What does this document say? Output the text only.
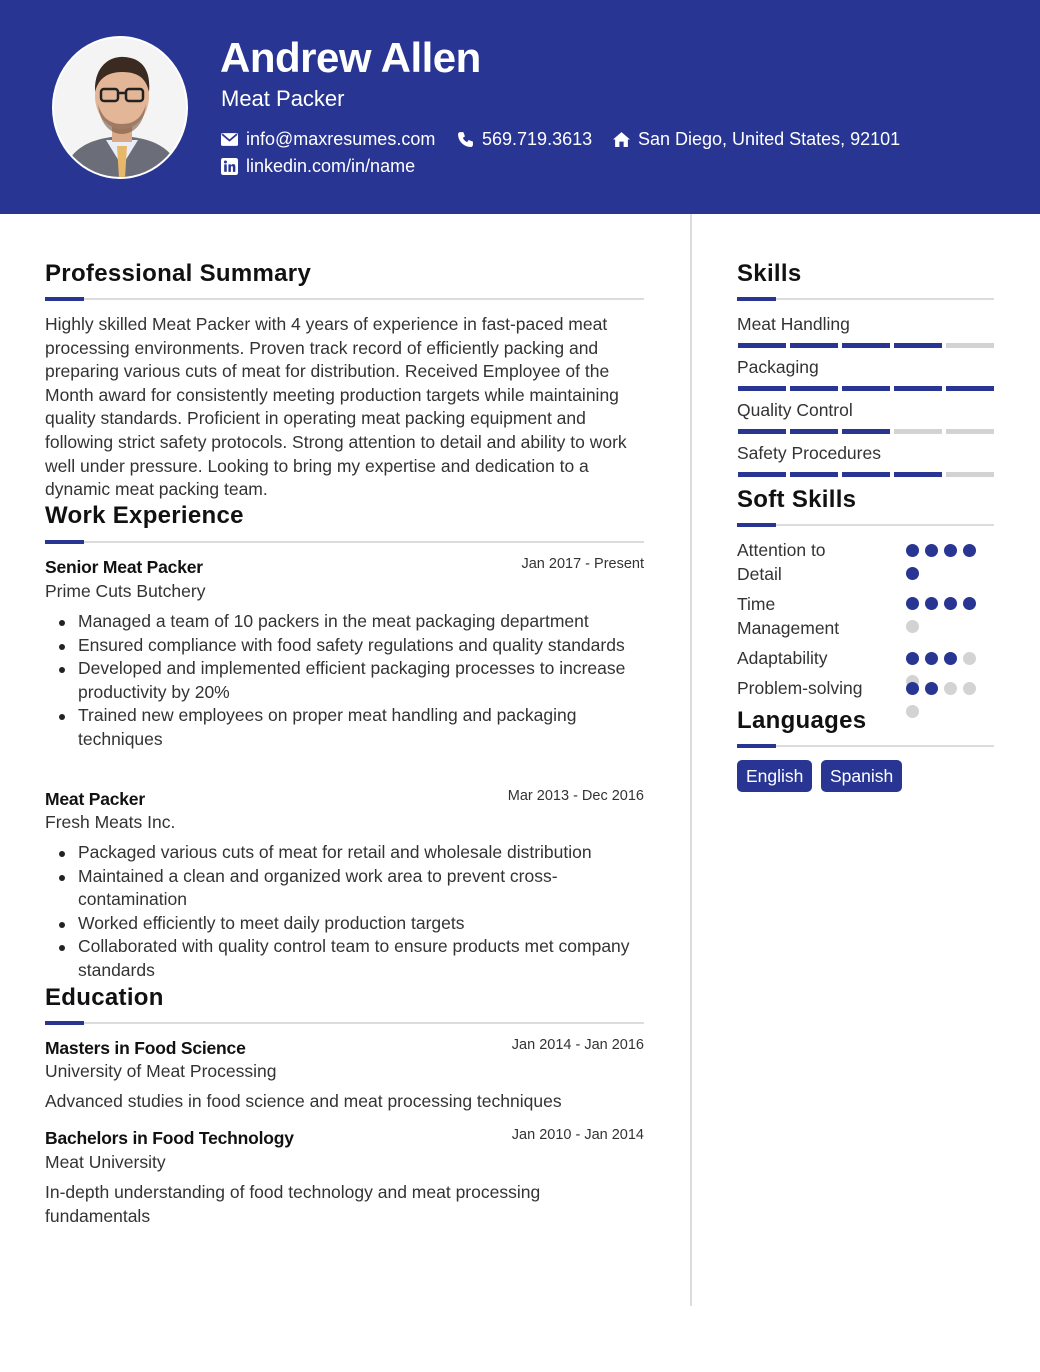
Andrew Allen
Meat Packer
info@maxresumes.com	569.719.3613	San Diego, United States, 92101
linkedin.com/in/name
Professional Summary
Highly skilled Meat Packer with 4 years of experience in fast-paced meat processing environments. Proven track record of efficiently packing and preparing various cuts of meat for distribution. Received Employee of the Month award for consistently meeting production targets while maintaining quality standards. Proficient in operating meat packing equipment and following strict safety protocols. Strong attention to detail and ability to work well under pressure. Looking to bring my expertise and dedication to a dynamic meat packing team.
Work Experience
Senior Meat Packer	Jan 2017 - Present
Prime Cuts Butchery
Managed a team of 10 packers in the meat packaging department
Ensured compliance with food safety regulations and quality standards
Developed and implemented efficient packaging processes to increase productivity by 20%
Trained new employees on proper meat handling and packaging techniques
Meat Packer	Mar 2013 - Dec 2016
Fresh Meats Inc.
Packaged various cuts of meat for retail and wholesale distribution
Maintained a clean and organized work area to prevent cross-contamination
Worked efficiently to meet daily production targets
Collaborated with quality control team to ensure products met company standards
Education
Masters in Food Science	Jan 2014 - Jan 2016
University of Meat Processing
Advanced studies in food science and meat processing techniques
Bachelors in Food Technology	Jan 2010 - Jan 2014
Meat University
In-depth understanding of food technology and meat processing fundamentals
Skills
Meat Handling
Packaging
Quality Control
Safety Procedures
Soft Skills
Attention to Detail
Time Management
Adaptability
Problem-solving
Languages
English	Spanish
